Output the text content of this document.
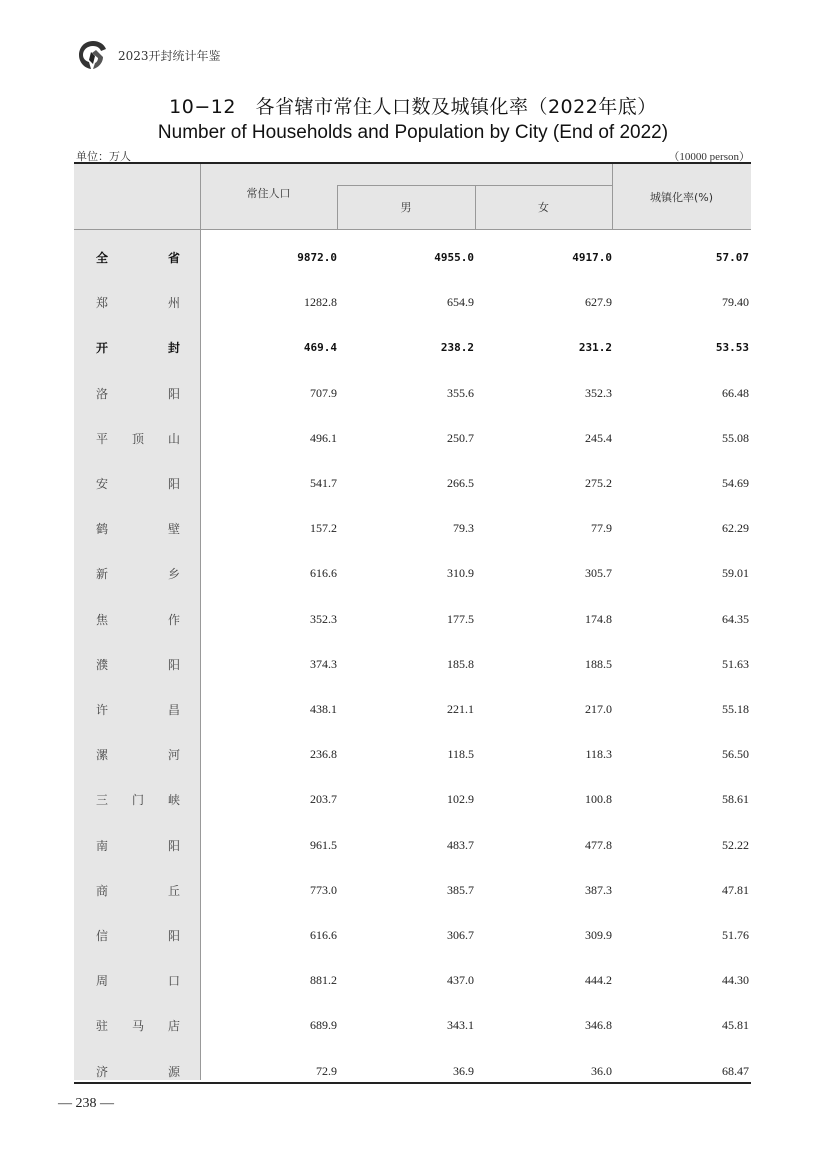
2023开封统计年鉴
10−12　各省辖市常住人口数及城镇化率（2022年底）
Number of Households and Population by City (End of 2022)
单位：万人	（10000 person）
常住人口
男	女
城镇化率(%)
全	省	9872.0	4955.0	4917.0	57.07
郑	州	1282.8	654.9	627.9	79.40
开	封	469.4	238.2	231.2	53.53
洛	阳	707.9	355.6	352.3	66.48
平 顶 山	496.1	250.7	245.4	55.08
安	阳	541.7	266.5	275.2	54.69
鹤	壁	157.2	79.3	77.9	62.29
新	乡	616.6	310.9	305.7	59.01
焦	作	352.3	177.5	174.8	64.35
濮	阳	374.3	185.8	188.5	51.63
许	昌	438.1	221.1	217.0	55.18
漯	河	236.8	118.5	118.3	56.50
三 门 峡	203.7	102.9	100.8	58.61
南	阳	961.5	483.7	477.8	52.22
商	丘	773.0	385.7	387.3	47.81
信	阳	616.6	306.7	309.9	51.76
周	口	881.2	437.0	444.2	44.30
驻 马 店	689.9	343.1	346.8	45.81
济	源	72.9	36.9	36.0	68.47
— 238 —
